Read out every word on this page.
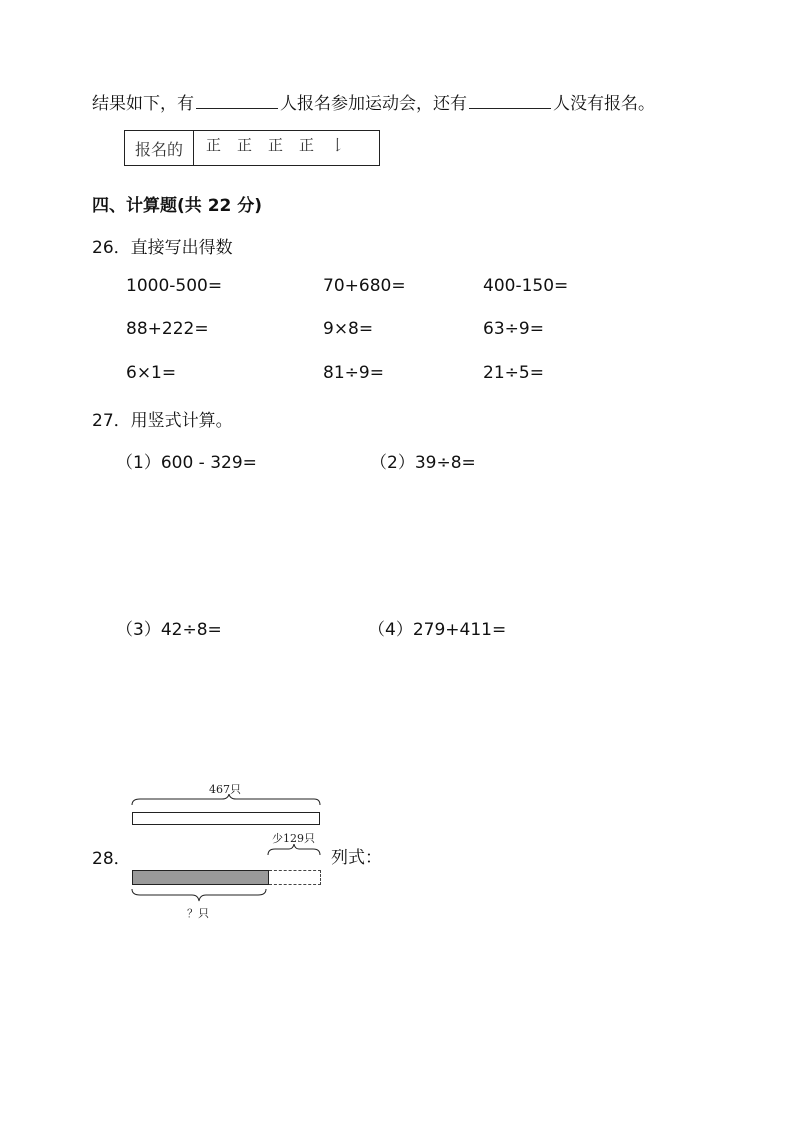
结果如下，有	人报名参加运动会，还有	人没有报名。
报名的	正 正 正 正 𠄌
四、计算题(共 22 分)
26．直接写出得数
1000-500=	70+680=	400-150=
88+222=	9×8=	63÷9=
6×1=	81÷9=	21÷5=
27．用竖式计算。
（1）600 - 329=	（2）39÷8=
（3）42÷8=	（4）279+411=
28．
467只
少129只
？只
列式：
